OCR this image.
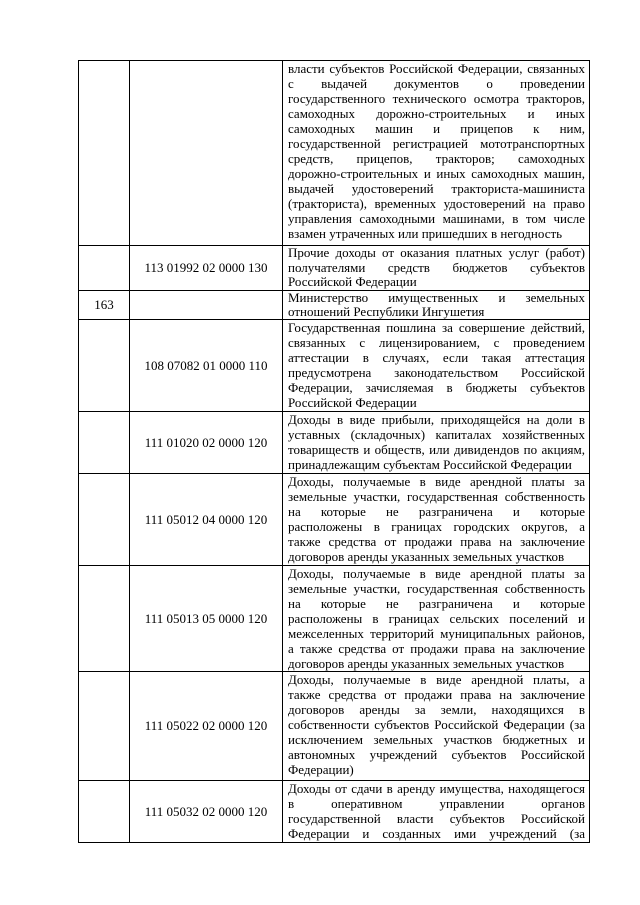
власти субъектов Российской Федерации, связанных
с выдачей документов о проведении
государственного технического осмотра тракторов,
самоходных дорожно-строительных и иных
самоходных машин и прицепов к ним,
государственной регистрацией мототранспортных
средств, прицепов, тракторов; самоходных
дорожно-строительных и иных самоходных машин,
выдачей удостоверений тракториста-машиниста
(тракториста), временных удостоверений на право
управления самоходными машинами, в том числе
взамен утраченных или пришедших в негодность
113 01992 02 0000 130
Прочие доходы от оказания платных услуг (работ)
получателями средств бюджетов субъектов
Российской Федерации
163	Министерство имущественных и земельных
отношений Республики Ингушетия
108 07082 01 0000 110
Государственная пошлина за совершение действий,
связанных с лицензированием, с проведением
аттестации в случаях, если такая аттестация
предусмотрена законодательством Российской
Федерации, зачисляемая в бюджеты субъектов
Российской Федерации
111 01020 02 0000 120
Доходы в виде прибыли, приходящейся на доли в
уставных (складочных) капиталах хозяйственных
товариществ и обществ, или дивидендов по акциям,
принадлежащим субъектам Российской Федерации
111 05012 04 0000 120
Доходы, получаемые в виде арендной платы за
земельные участки, государственная собственность
на которые не разграничена и которые
расположены в границах городских округов, а
также средства от продажи права на заключение
договоров аренды указанных земельных участков
111 05013 05 0000 120
Доходы, получаемые в виде арендной платы за
земельные участки, государственная собственность
на которые не разграничена и которые
расположены в границах сельских поселений и
межселенных территорий муниципальных районов,
а также средства от продажи права на заключение
договоров аренды указанных земельных участков
111 05022 02 0000 120
Доходы, получаемые в виде арендной платы, а
также средства от продажи права на заключение
договоров аренды за земли, находящихся в
собственности субъектов Российской Федерации (за
исключением земельных участков бюджетных и
автономных учреждений субъектов Российской
Федерации)
111 05032 02 0000 120
Доходы от сдачи в аренду имущества, находящегося
в оперативном управлении органов
государственной власти субъектов Российской
Федерации и созданных ими учреждений (за
